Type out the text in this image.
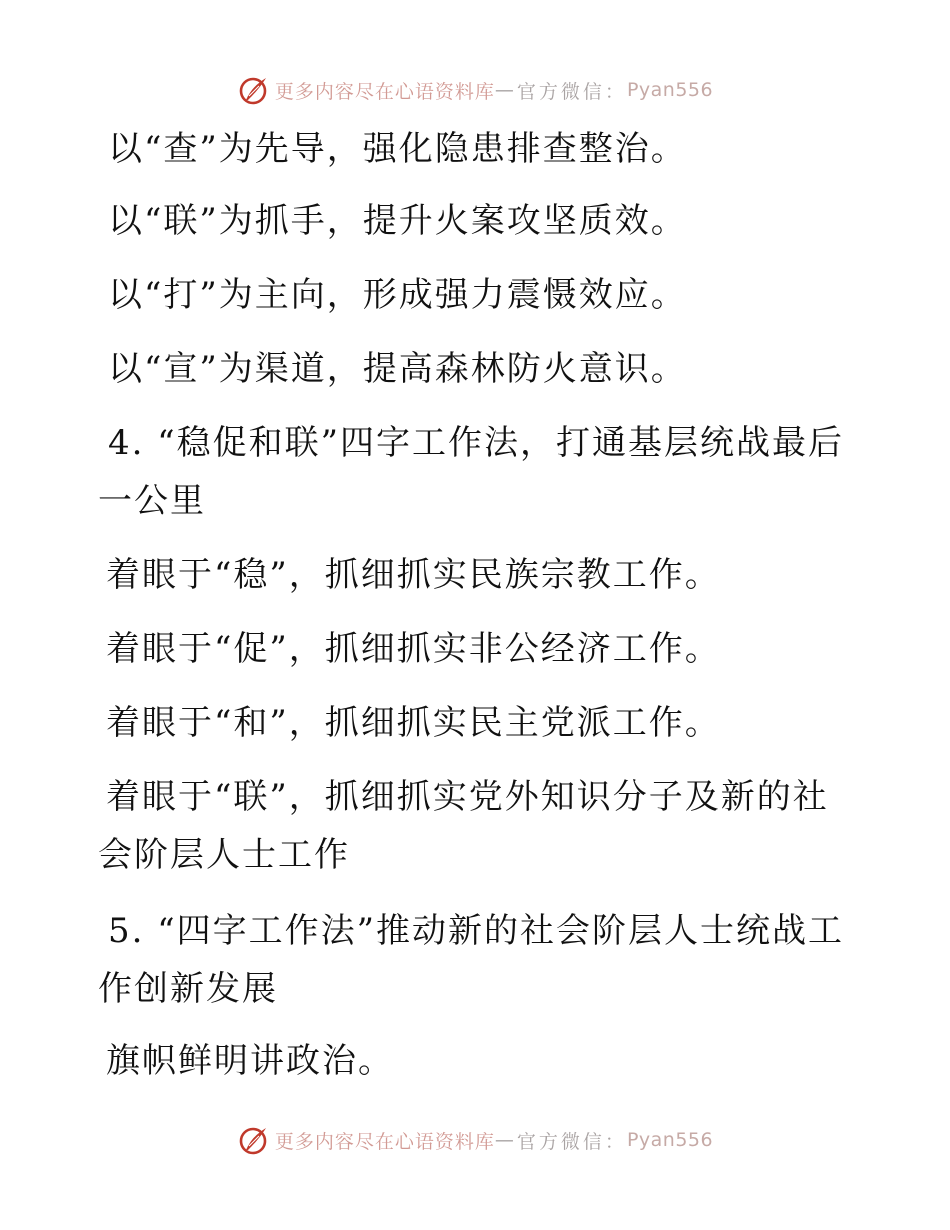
更多内容尽在心语资料库 — 官方微信： Pyan556
以“查”为先导，强化隐患排查整治。
以“联”为抓手，提升火案攻坚质效。
以“打”为主向，形成强力震慑效应。
以“宣”为渠道，提高森林防火意识。
4. “稳促和联”四字工作法，打通基层统战最后
一公里
着眼于“稳”，抓细抓实民族宗教工作。
着眼于“促”，抓细抓实非公经济工作。
着眼于“和”，抓细抓实民主党派工作。
着眼于“联”，抓细抓实党外知识分子及新的社
会阶层人士工作
5. “四字工作法”推动新的社会阶层人士统战工
作创新发展
旗帜鲜明讲政治。
更多内容尽在心语资料库 — 官方微信： Pyan556
